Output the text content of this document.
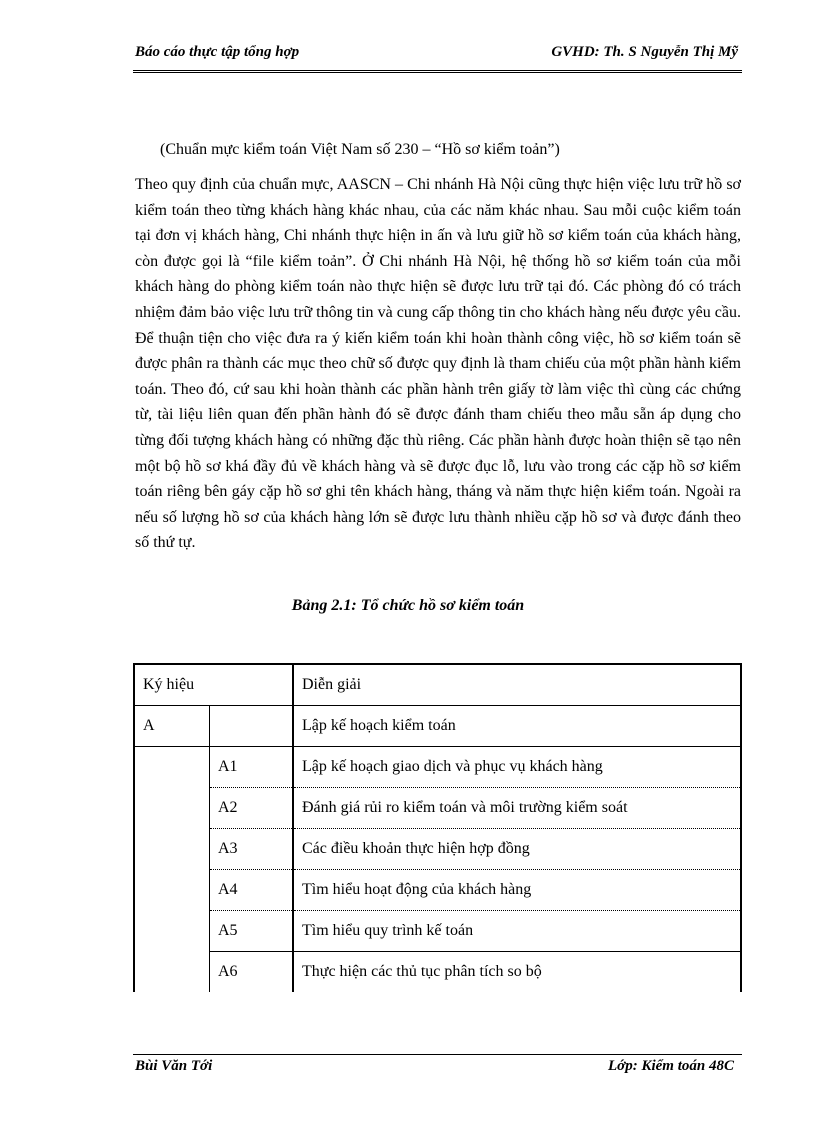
Báo cáo thực tập tổng hợp	GVHD: Th. S Nguyễn Thị Mỹ
(Chuẩn mực kiểm toán Việt Nam số 230 – “Hồ sơ kiểm toản”)

Theo quy định của chuẩn mực, AASCN – Chi nhánh Hà Nội cũng thực hiện việc lưu trữ hồ sơ kiểm toán theo từng khách hàng khác nhau, của các năm khác nhau. Sau mỗi cuộc kiểm toán tại đơn vị khách hàng, Chi nhánh thực hiện in ấn và lưu giữ hồ sơ kiểm toán của khách hàng, còn được gọi là “file kiểm toản”. Ở Chi nhánh Hà Nội, hệ thống hồ sơ kiểm toán của mỗi khách hàng do phòng kiểm toán nào thực hiện sẽ được lưu trữ tại đó. Các phòng đó có trách nhiệm đảm bảo việc lưu trữ thông tin và cung cấp thông tin cho khách hàng nếu được yêu cầu. Để thuận tiện cho việc đưa ra ý kiến kiểm toán khi hoàn thành công việc, hồ sơ kiểm toán sẽ được phân ra thành các mục theo chữ số được quy định là tham chiếu của một phần hành kiểm toán. Theo đó, cứ sau khi hoàn thành các phần hành trên giấy tờ làm việc thì cùng các chứng từ, tài liệu liên quan đến phần hành đó sẽ được đánh tham chiếu theo mẫu sẵn áp dụng cho từng đối tượng khách hàng có những đặc thù riêng. Các phần hành được hoàn thiện sẽ tạo nên một bộ hồ sơ khá đầy đủ về khách hàng và sẽ được đục lỗ, lưu vào trong các cặp hồ sơ kiểm toán riêng bên gáy cặp hồ sơ ghi tên khách hàng, tháng và năm thực hiện kiểm toán. Ngoài ra nếu số lượng hồ sơ của khách hàng lớn sẽ được lưu thành nhiều cặp hồ sơ và được đánh theo số thứ tự.

Bảng 2.1: Tổ chức hồ sơ kiểm toán
Ký hiệu		Diễn giải
A		Lập kế hoạch kiểm toán
	A1	Lập kế hoạch giao dịch và phục vụ khách hàng
	A2	Đánh giá rủi ro kiểm toán và môi trường kiểm soát
	A3	Các điều khoản thực hiện hợp đồng
	A4	Tìm hiểu hoạt động của khách hàng
	A5	Tìm hiểu quy trình kế toán
	A6	Thực hiện các thủ tục phân tích so bộ
Bùi Văn Tới	Lớp: Kiểm toán 48C
